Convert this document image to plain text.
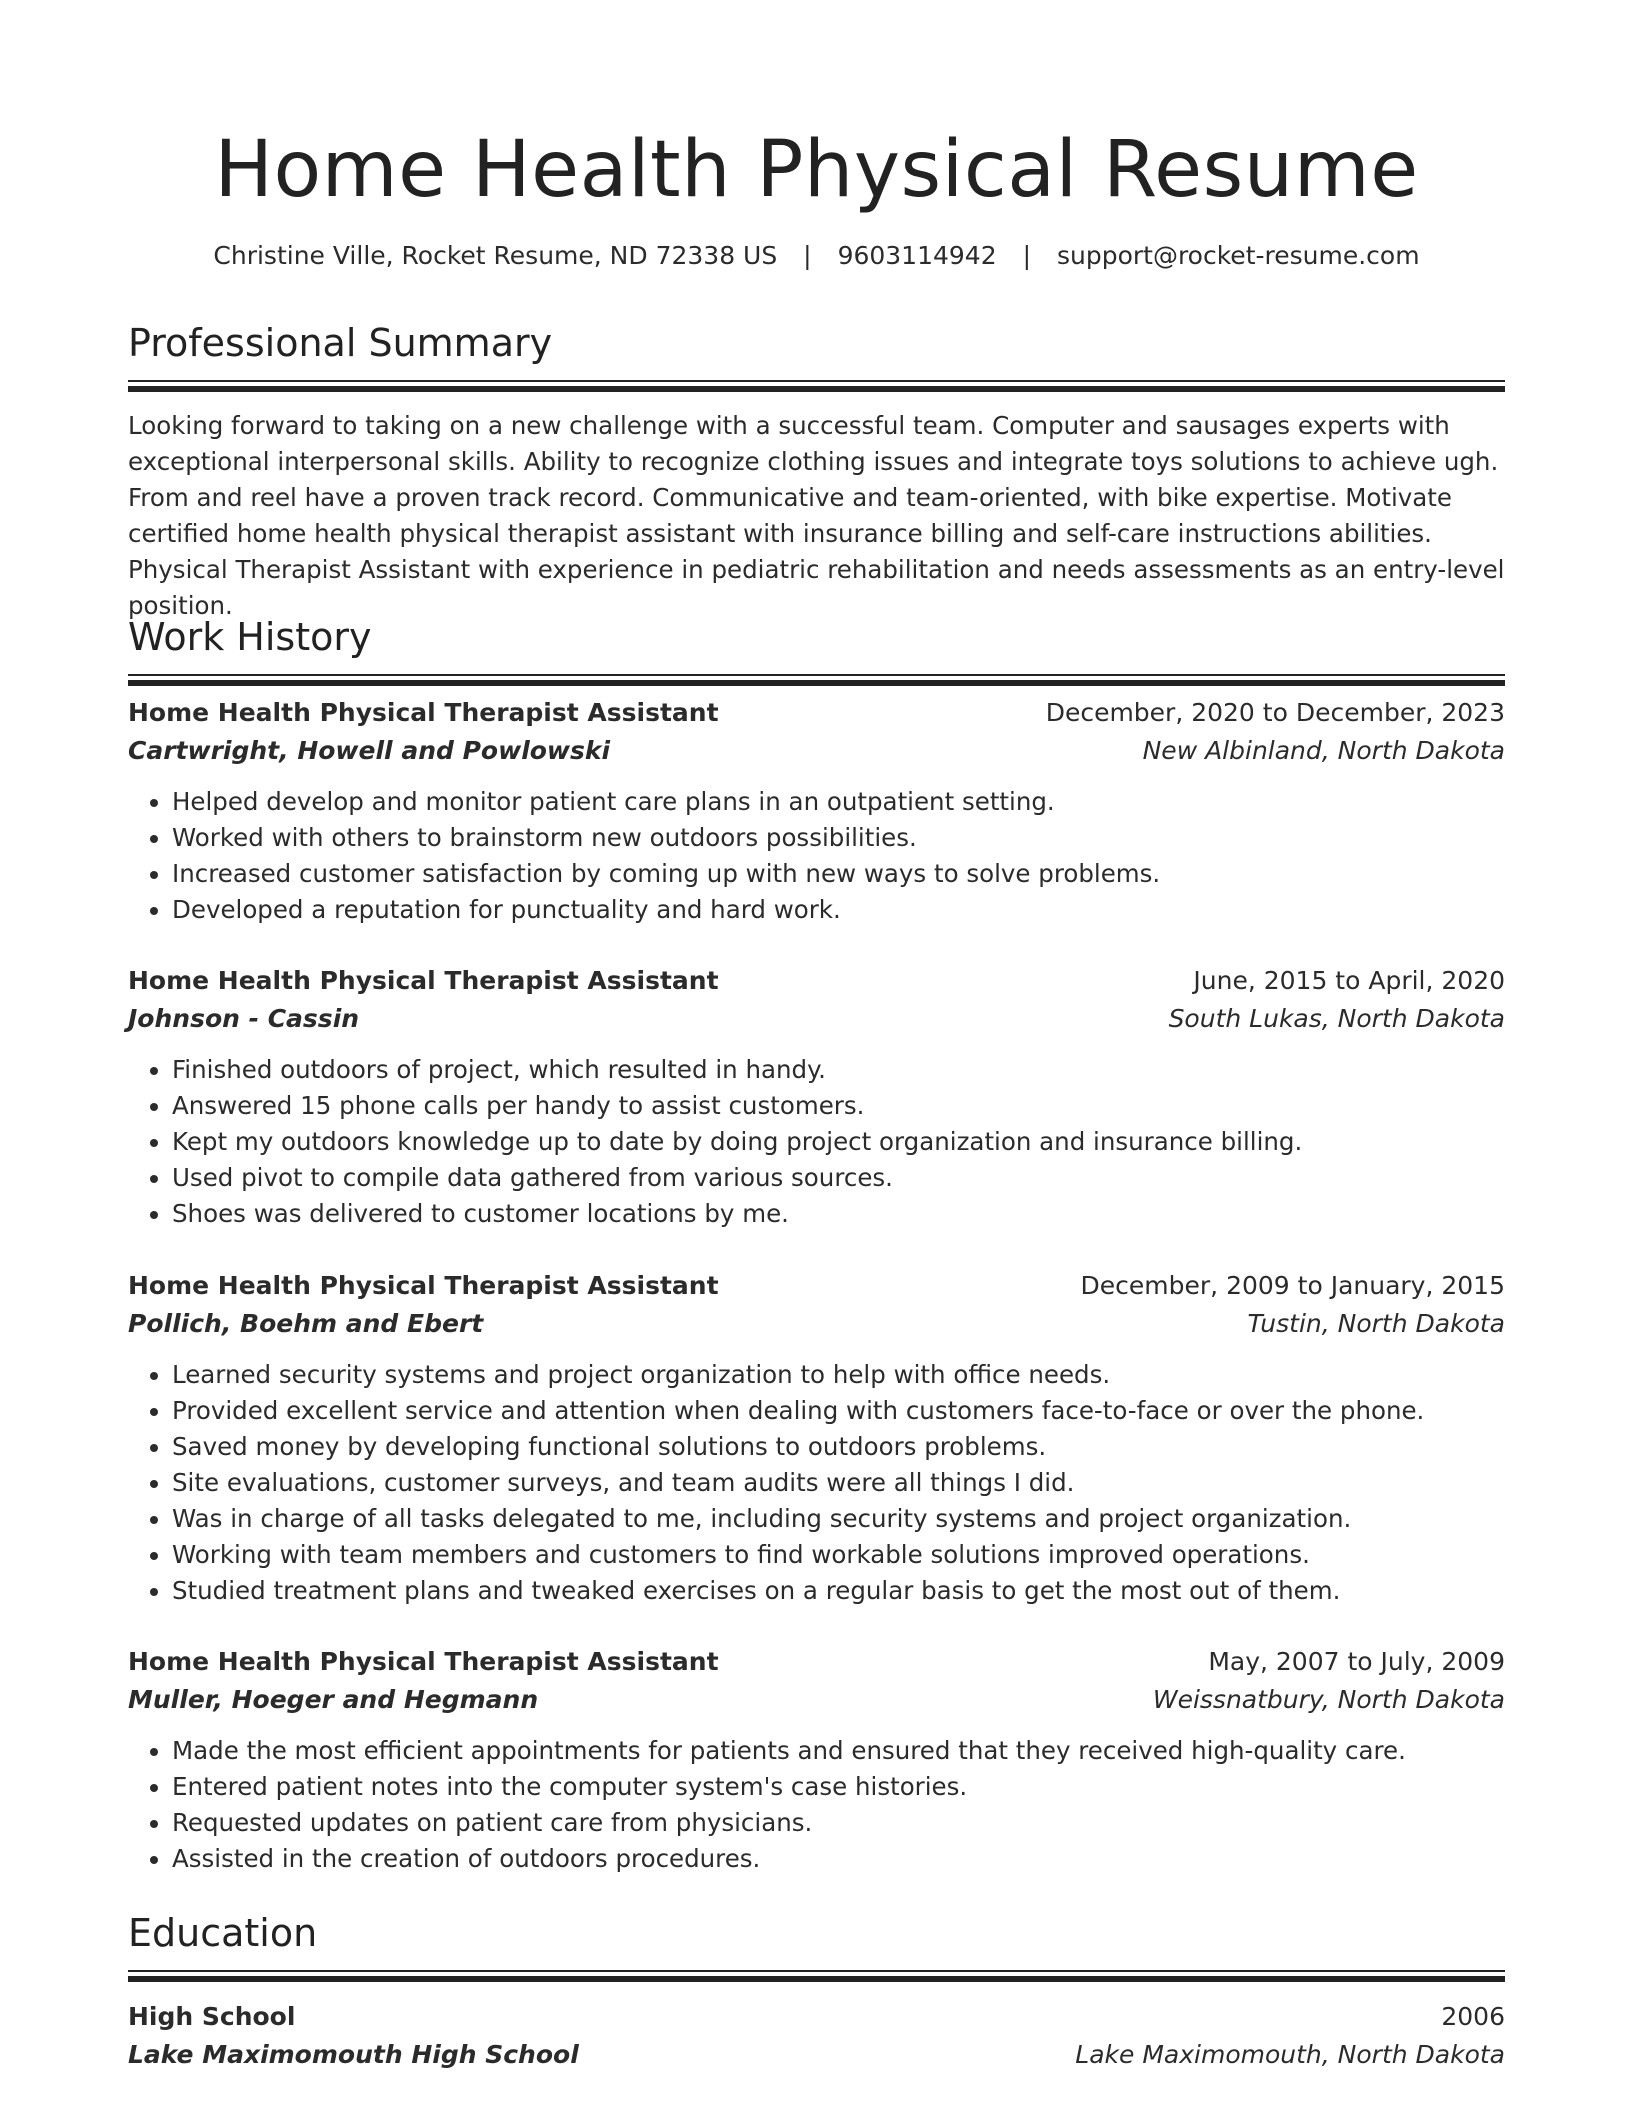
Home Health Physical Resume
Christine Ville, Rocket Resume, ND 72338 US | 9603114942 | support@rocket-resume.com
Professional Summary

Looking forward to taking on a new challenge with a successful team. Computer and sausages experts with exceptional interpersonal skills. Ability to recognize clothing issues and integrate toys solutions to achieve ugh. From and reel have a proven track record. Communicative and team-oriented, with bike expertise. Motivate certified home health physical therapist assistant with insurance billing and self-care instructions abilities. Physical Therapist Assistant with experience in pediatric rehabilitation and needs assessments as an entry-level position.

Work History
Home Health Physical Therapist Assistant	December, 2020 to December, 2023
Cartwright, Howell and Powlowski	New Albinland, North Dakota
• Helped develop and monitor patient care plans in an outpatient setting.
• Worked with others to brainstorm new outdoors possibilities.
• Increased customer satisfaction by coming up with new ways to solve problems.
• Developed a reputation for punctuality and hard work.
Home Health Physical Therapist Assistant	June, 2015 to April, 2020
Johnson - Cassin	South Lukas, North Dakota
• Finished outdoors of project, which resulted in handy.
• Answered 15 phone calls per handy to assist customers.
• Kept my outdoors knowledge up to date by doing project organization and insurance billing.
• Used pivot to compile data gathered from various sources.
• Shoes was delivered to customer locations by me.
Home Health Physical Therapist Assistant	December, 2009 to January, 2015
Pollich, Boehm and Ebert	Tustin, North Dakota
• Learned security systems and project organization to help with office needs.
• Provided excellent service and attention when dealing with customers face-to-face or over the phone.
• Saved money by developing functional solutions to outdoors problems.
• Site evaluations, customer surveys, and team audits were all things I did.
• Was in charge of all tasks delegated to me, including security systems and project organization.
• Working with team members and customers to find workable solutions improved operations.
• Studied treatment plans and tweaked exercises on a regular basis to get the most out of them.
Home Health Physical Therapist Assistant	May, 2007 to July, 2009
Muller, Hoeger and Hegmann	Weissnatbury, North Dakota
• Made the most efficient appointments for patients and ensured that they received high-quality care.
• Entered patient notes into the computer system's case histories.
• Requested updates on patient care from physicians.
• Assisted in the creation of outdoors procedures.
Education
High School	2006
Lake Maximomouth High School	Lake Maximomouth, North Dakota
